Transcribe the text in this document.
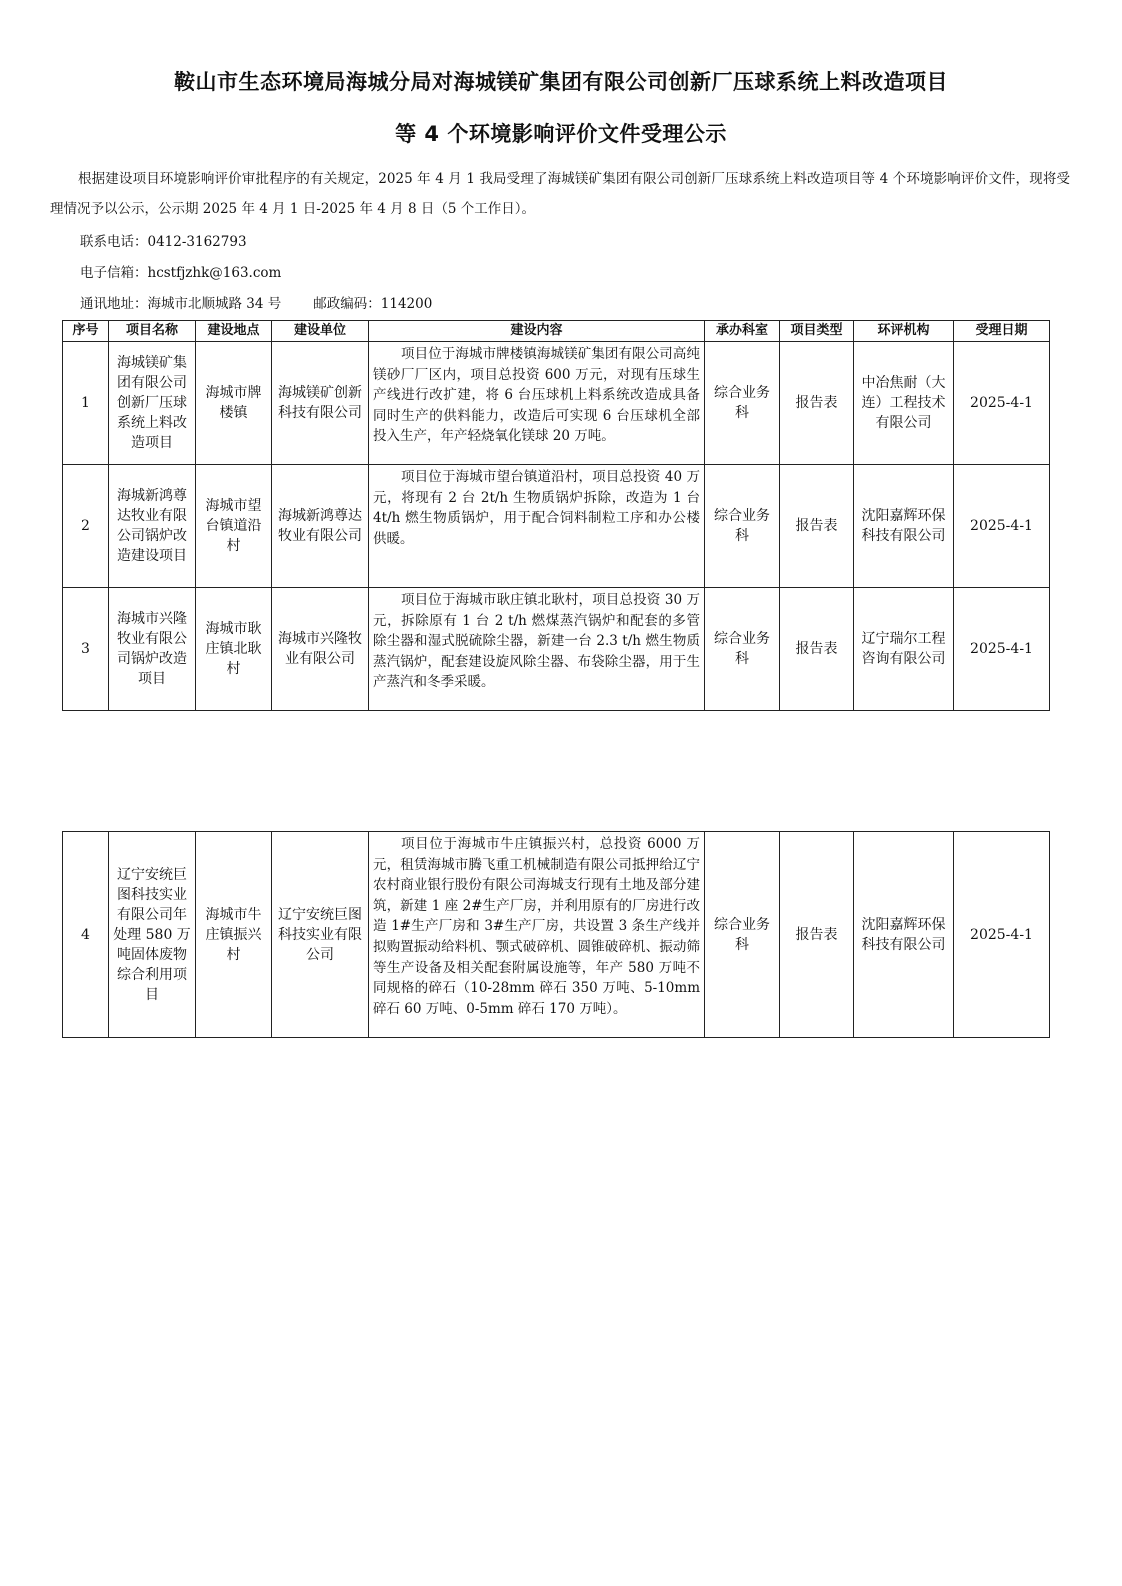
鞍山市生态环境局海城分局对海城镁矿集团有限公司创新厂压球系统上料改造项目
等 4 个环境影响评价文件受理公示
根据建设项目环境影响评价审批程序的有关规定，2025 年 4 月 1 我局受理了海城镁矿集团有限公司创新厂压球系统上料改造项目等 4 个环境影响评价文件，现将受理情况予以公示，公示期 2025 年 4 月 1 日-2025 年 4 月 8 日（5 个工作日）。
联系电话：0412-3162793
电子信箱：hcstfjzhk@163.com
通讯地址：海城市北顺城路 34 号 邮政编码：114200
序号	项目名称	建设地点	建设单位	建设内容	承办科室	项目类型	环评机构	受理日期
1	海城镁矿集团有限公司创新厂压球系统上料改造项目	海城市牌楼镇	海城镁矿创新科技有限公司	项目位于海城市牌楼镇海城镁矿集团有限公司高纯镁砂厂厂区内，项目总投资 600 万元，对现有压球生产线进行改扩建，将 6 台压球机上料系统改造成具备同时生产的供料能力，改造后可实现 6 台压球机全部投入生产，年产轻烧氧化镁球 20 万吨。	综合业务科	报告表	中冶焦耐（大连）工程技术有限公司	2025-4-1
2	海城新鸿尊达牧业有限公司锅炉改造建设项目	海城市望台镇道沿村	海城新鸿尊达牧业有限公司	项目位于海城市望台镇道沿村，项目总投资 40 万元，将现有 2 台 2t/h 生物质锅炉拆除，改造为 1 台 4t/h 燃生物质锅炉，用于配合饲料制粒工序和办公楼供暖。	综合业务科	报告表	沈阳嘉辉环保科技有限公司	2025-4-1
3	海城市兴隆牧业有限公司锅炉改造项目	海城市耿庄镇北耿村	海城市兴隆牧业有限公司	项目位于海城市耿庄镇北耿村，项目总投资 30 万元，拆除原有 1 台 2 t/h 燃煤蒸汽锅炉和配套的多管除尘器和湿式脱硫除尘器，新建一台 2.3 t/h 燃生物质蒸汽锅炉，配套建设旋风除尘器、布袋除尘器，用于生产蒸汽和冬季采暖。	综合业务科	报告表	辽宁瑞尔工程咨询有限公司	2025-4-1
4	辽宁安统巨图科技实业有限公司年处理 580 万吨固体废物综合利用项目	海城市牛庄镇振兴村	辽宁安统巨图科技实业有限公司	项目位于海城市牛庄镇振兴村，总投资 6000 万元，租赁海城市腾飞重工机械制造有限公司抵押给辽宁农村商业银行股份有限公司海城支行现有土地及部分建筑，新建 1 座 2#生产厂房，并利用原有的厂房进行改造 1#生产厂房和 3#生产厂房，共设置 3 条生产线并拟购置振动给料机、颚式破碎机、圆锥破碎机、振动筛等生产设备及相关配套附属设施等，年产 580 万吨不同规格的碎石（10-28mm 碎石 350 万吨、5-10mm 碎石 60 万吨、0-5mm 碎石 170 万吨）。	综合业务科	报告表	沈阳嘉辉环保科技有限公司	2025-4-1
